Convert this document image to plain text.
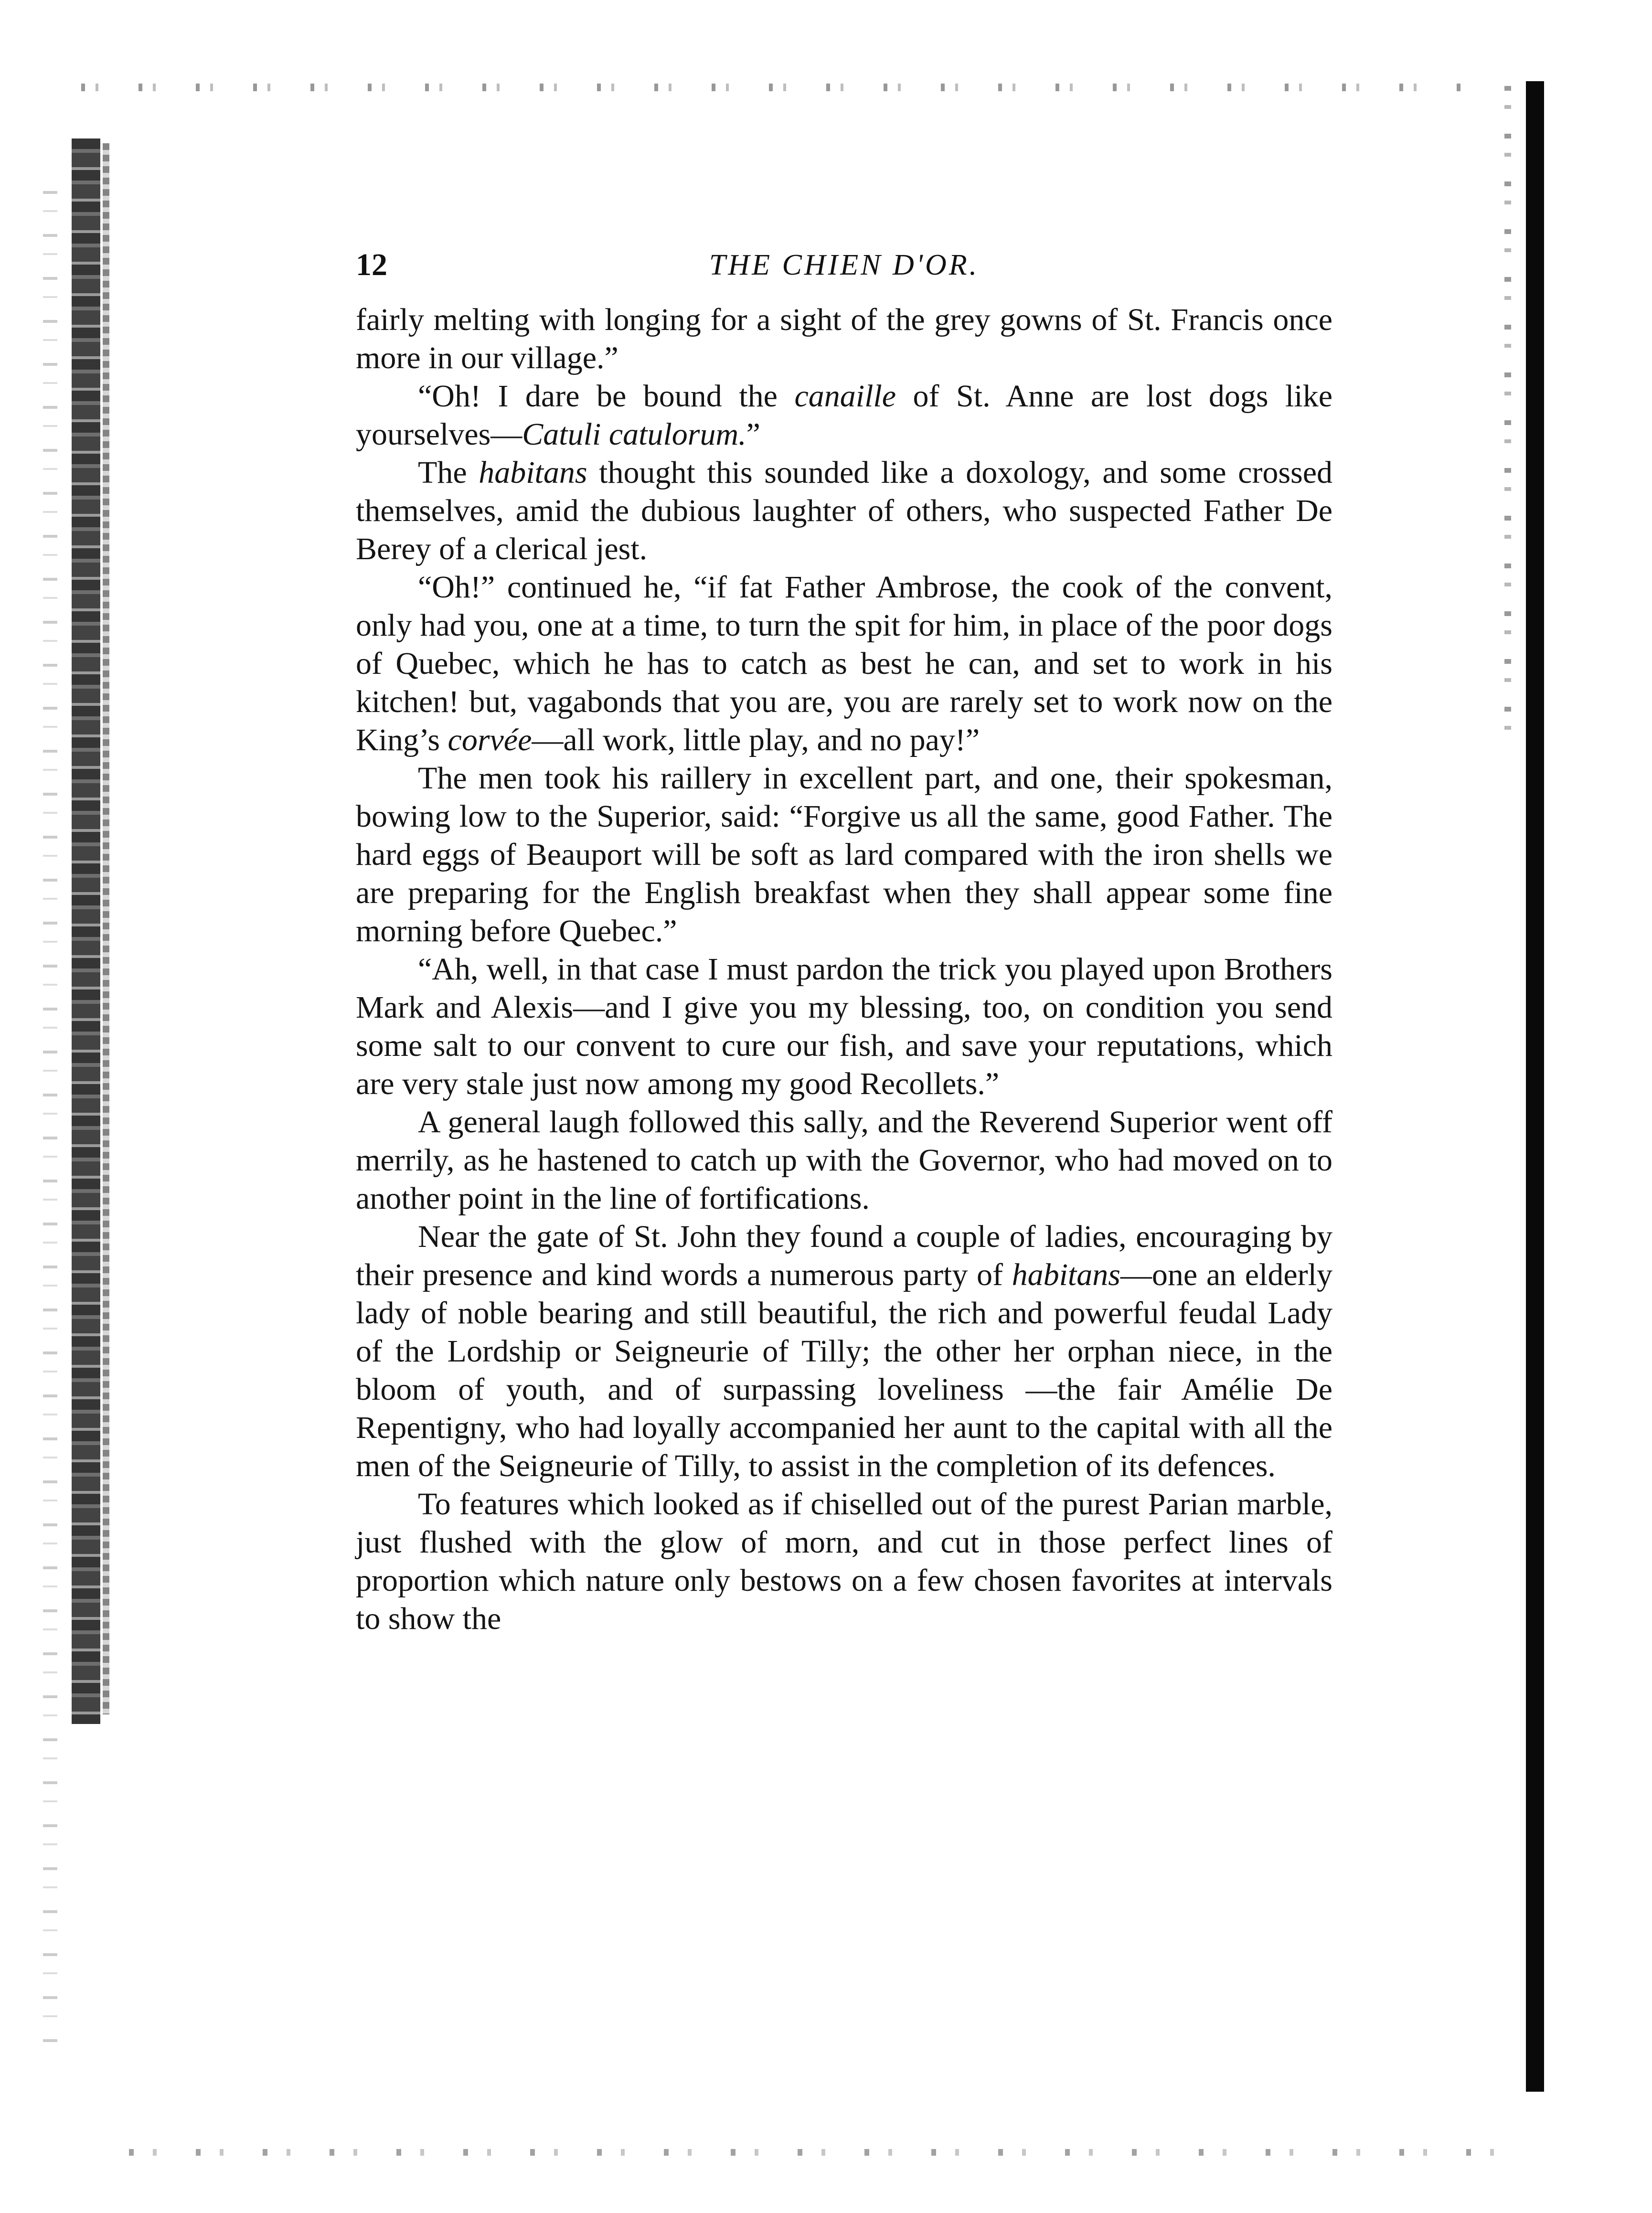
12	THE CHIEN D'OR.

fairly melting with longing for a sight of the grey gowns of St. Francis once more in our village.”

“Oh! I dare be bound the canaille of St. Anne are lost dogs like yourselves—Catuli catulorum.”

The habitans thought this sounded like a doxology, and some crossed themselves, amid the dubious laughter of others, who suspected Father De Berey of a clerical jest.

“Oh!” continued he, “if fat Father Ambrose, the cook of the convent, only had you, one at a time, to turn the spit for him, in place of the poor dogs of Quebec, which he has to catch as best he can, and set to work in his kitchen! but, vagabonds that you are, you are rarely set to work now on the King’s corvée—all work, little play, and no pay!”

The men took his raillery in excellent part, and one, their spokesman, bowing low to the Superior, said: “Forgive us all the same, good Father. The hard eggs of Beauport will be soft as lard compared with the iron shells we are preparing for the English breakfast when they shall appear some fine morning before Quebec.”

“Ah, well, in that case I must pardon the trick you played upon Brothers Mark and Alexis—and I give you my blessing, too, on condition you send some salt to our convent to cure our fish, and save your reputations, which are very stale just now among my good Recollets.”

A general laugh followed this sally, and the Reverend Superior went off merrily, as he hastened to catch up with the Governor, who had moved on to another point in the line of fortifications.

Near the gate of St. John they found a couple of ladies, encouraging by their presence and kind words a numerous party of habitans—one an elderly lady of noble bearing and still beautiful, the rich and powerful feudal Lady of the Lordship or Seigneurie of Tilly; the other her orphan niece, in the bloom of youth, and of surpassing loveliness —the fair Amélie De Repentigny, who had loyally accompanied her aunt to the capital with all the men of the Seigneurie of Tilly, to assist in the completion of its defences.

To features which looked as if chiselled out of the purest Parian marble, just flushed with the glow of morn, and cut in those perfect lines of proportion which nature only bestows on a few chosen favorites at intervals to show the
